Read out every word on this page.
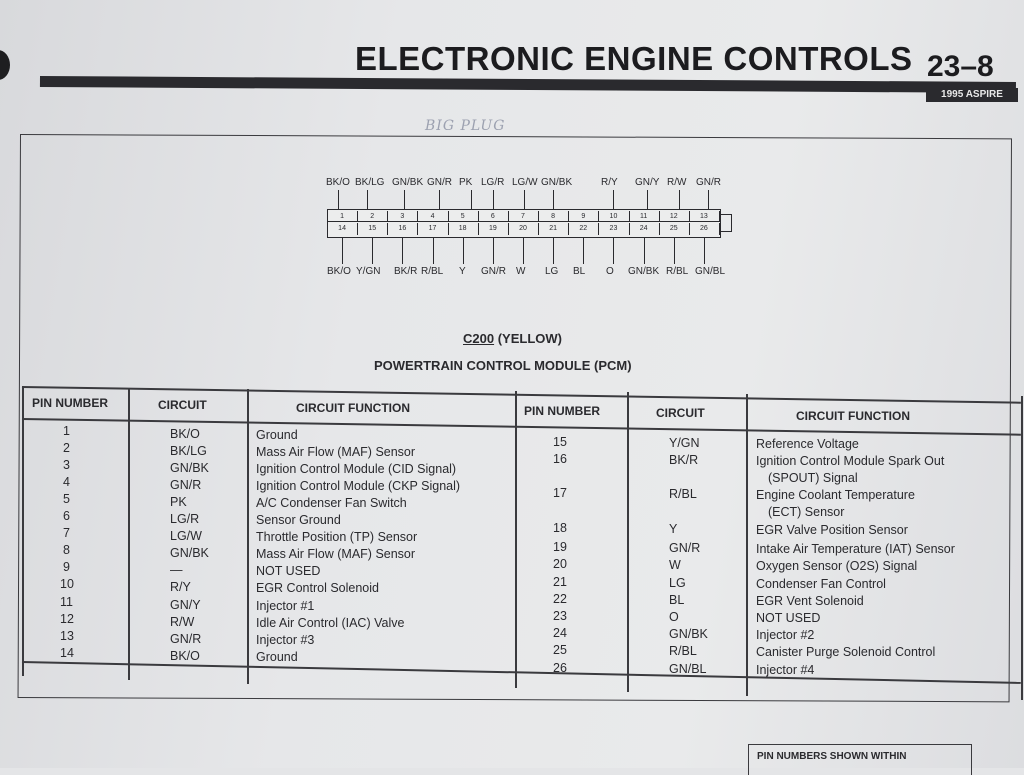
ELECTRONIC ENGINE CONTROLS 23–8
1995 ASPIRE
BIG PLUG
C200 (YELLOW)
POWERTRAIN CONTROL MODULE (PCM)
PIN NUMBERS SHOWN WITHIN
BK/O BK/LG GN/BK GN/R PK LG/R LG/W GN/BK	R/Y GN/Y R/W GN/R
1	2	3	4	5	6	7	8	9	10	11	12	13
14	15	16	17	18	19	20	21	22	23	24	25	26
BK/O Y/GN BK/R R/BL Y GN/R W LG BL O GN/BK R/BL GN/BL
PIN NUMBER	CIRCUIT	CIRCUIT FUNCTION	PIN NUMBER	CIRCUIT	CIRCUIT FUNCTION
1	BK/O	Ground
2	BK/LG	Mass Air Flow (MAF) Sensor
3	GN/BK	Ignition Control Module (CID Signal)
4	GN/R	Ignition Control Module (CKP Signal)
5	PK	A/C Condenser Fan Switch
6	LG/R	Sensor Ground
7	LG/W	Throttle Position (TP) Sensor
8	GN/BK	Mass Air Flow (MAF) Sensor
9	—	NOT USED
10	R/Y	EGR Control Solenoid
11	GN/Y	Injector #1
12	R/W	Idle Air Control (IAC) Valve
13	GN/R	Injector #3
14	BK/O	Ground
15	Y/GN	Reference Voltage
16	BK/R	Ignition Control Module Spark Out
(SPOUT) Signal
17	R/BL	Engine Coolant Temperature
(ECT) Sensor
18	Y	EGR Valve Position Sensor
19	GN/R	Intake Air Temperature (IAT) Sensor
20	W	Oxygen Sensor (O2S) Signal
21	LG	Condenser Fan Control
22	BL	EGR Vent Solenoid
23	O	NOT USED
24	GN/BK	Injector #2
25	R/BL	Canister Purge Solenoid Control
26	GN/BL	Injector #4
